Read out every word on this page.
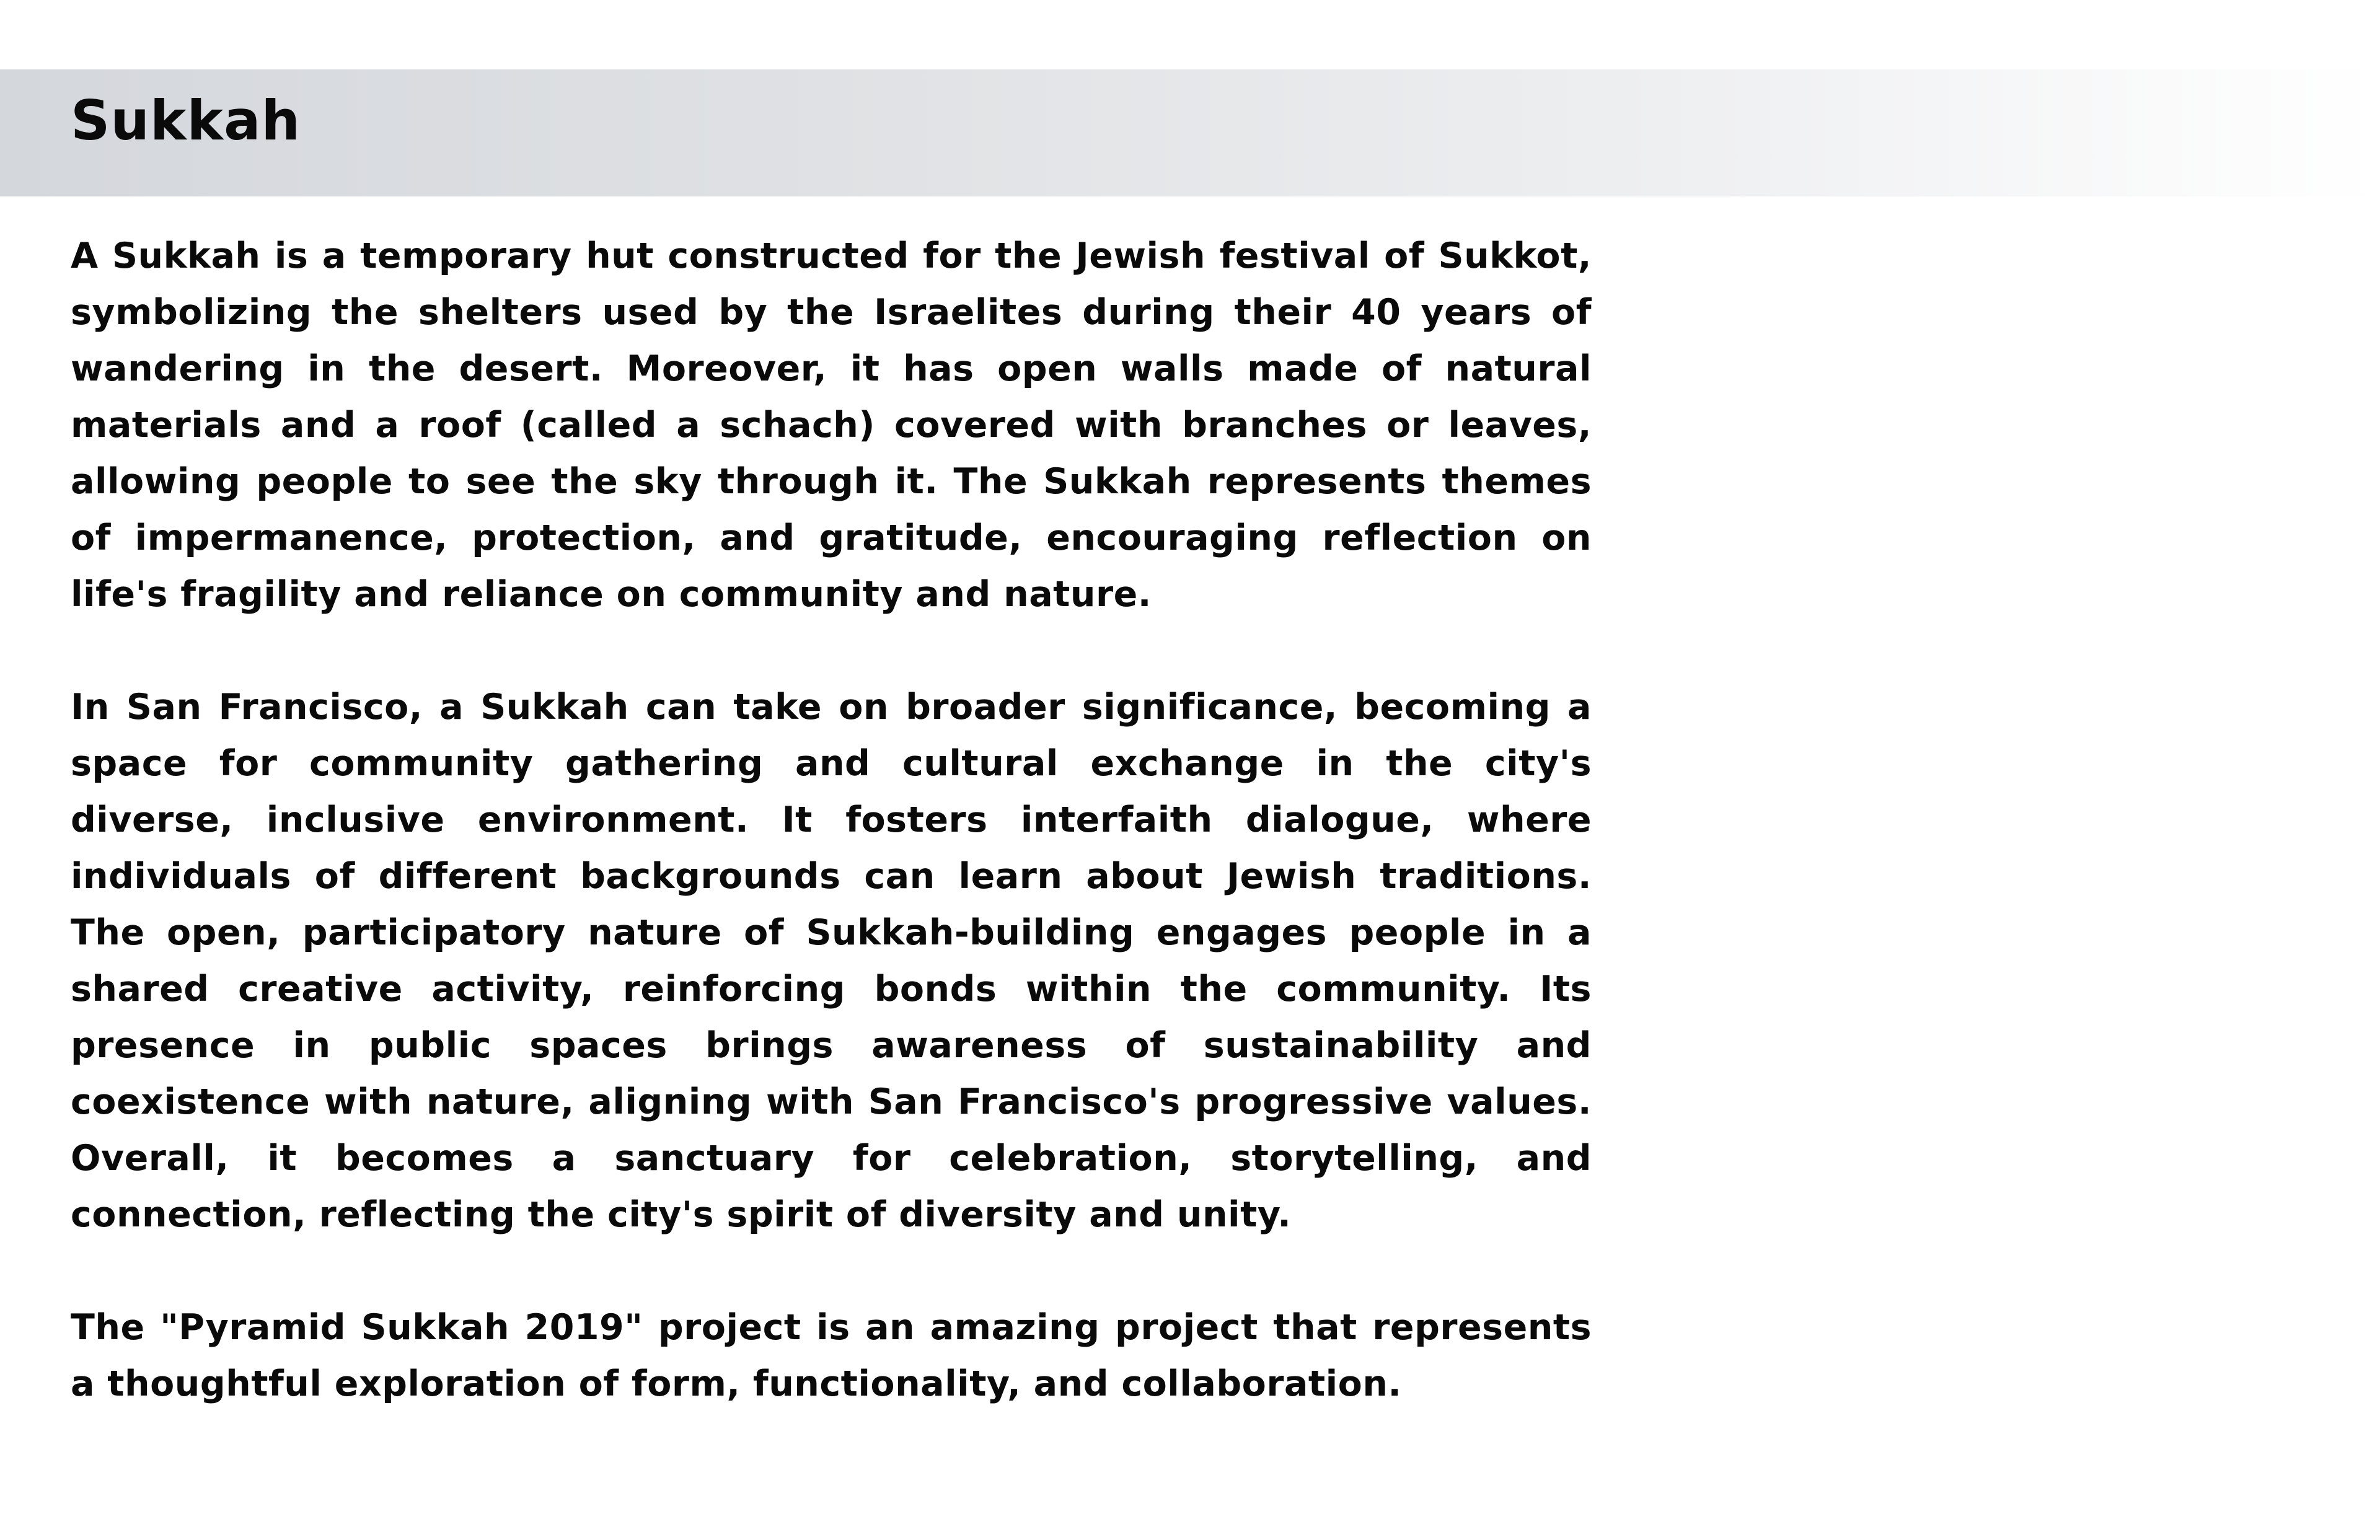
Sukkah

A Sukkah is a temporary hut constructed for the Jewish festival of Sukkot, symbolizing the shelters used by the Israelites during their 40 years of wandering in the desert. Moreover, it has open walls made of natural materials and a roof (called a schach) covered with branches or leaves, allowing people to see the sky through it. The Sukkah represents themes of impermanence, protection, and gratitude, encouraging reflection on life's fragility and reliance on community and nature.

In San Francisco, a Sukkah can take on broader significance, becoming a space for community gathering and cultural exchange in the city's diverse, inclusive environment. It fosters interfaith dialogue, where individuals of different backgrounds can learn about Jewish traditions. The open, participatory nature of Sukkah-building engages people in a shared creative activity, reinforcing bonds within the community. Its presence in public spaces brings awareness of sustainability and coexistence with nature, aligning with San Francisco's progressive values. Overall, it becomes a sanctuary for celebration, storytelling, and connection, reflecting the city's spirit of diversity and unity.

The "Pyramid Sukkah 2019" project is an amazing project that represents a thoughtful exploration of form, functionality, and collaboration.
